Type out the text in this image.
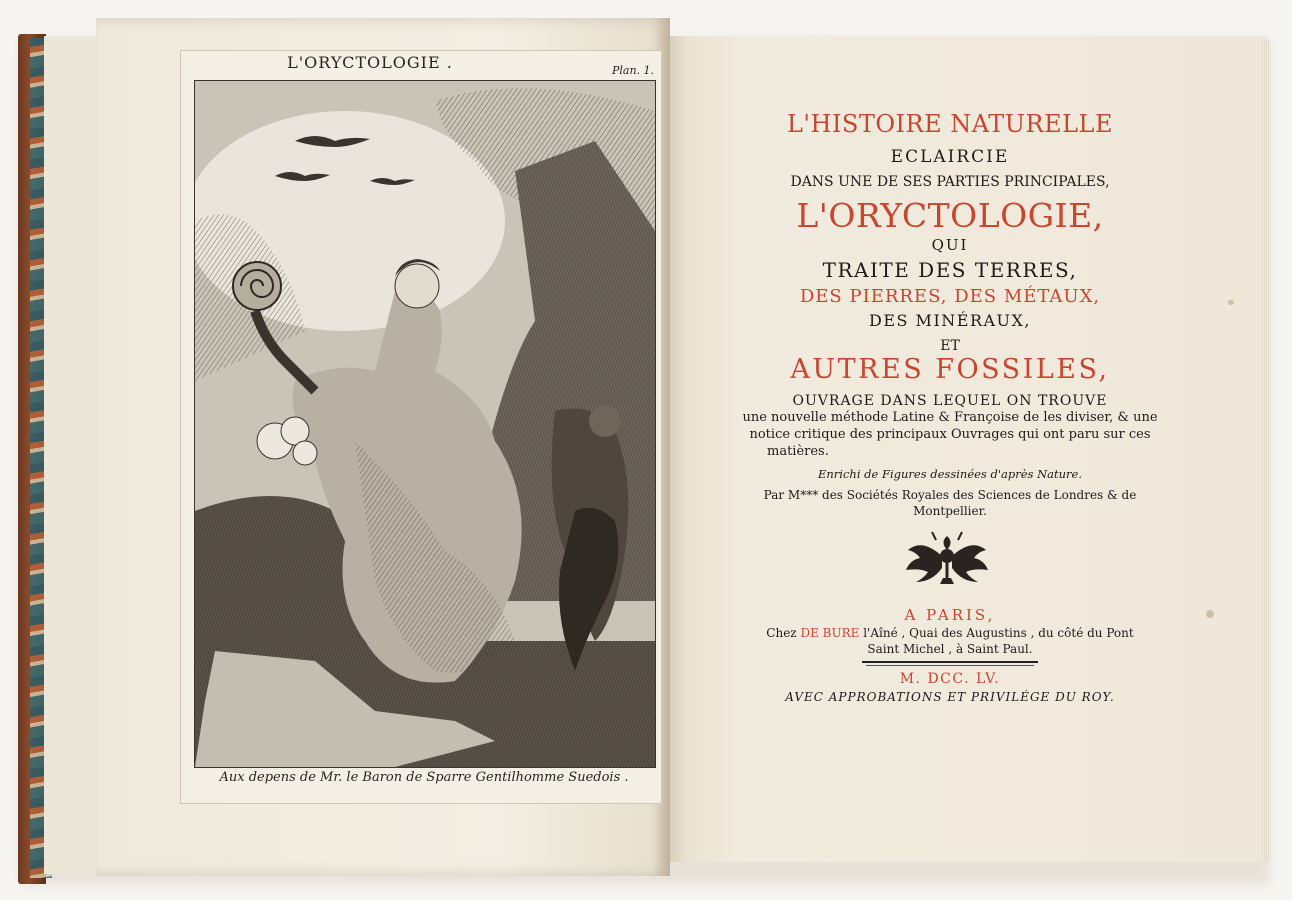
L'ORYCTOLOGIE .	Plan. 1.
Aux depens de Mr. le Baron de Sparre Gentilhomme Suedois .
L'HISTOIRE NATURELLE
ECLAIRCIE
DANS UNE DE SES PARTIES PRINCIPALES,
L'ORYCTOLOGIE,
QUI
TRAITE DES TERRES,
DES PIERRES, DES MÉTAUX,
DES MINÉRAUX,
ET
AUTRES FOSSILES,
OUVRAGE DANS LEQUEL ON TROUVE
une nouvelle méthode Latine & Françoise de les diviser, & une
notice critique des principaux Ouvrages qui ont paru sur ces
matières.
Enrichi de Figures dessinées d'après Nature.
Par M*** des Sociétés Royales des Sciences de Londres & de
Montpellier.
A PARIS,
Chez DE BURE l'Aîné , Quai des Augustins , du côté du Pont
Saint Michel , à Saint Paul.
M. DCC. LV.
AVEC APPROBATIONS ET PRIVILÉGE DU ROY.
